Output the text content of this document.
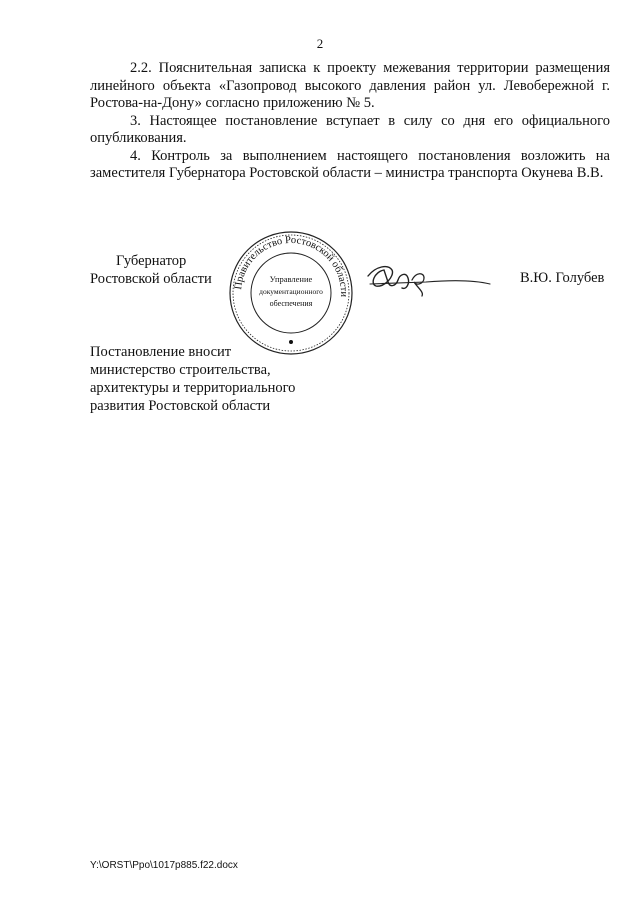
2

2.2. Пояснительная записка к проекту межевания территории размещения линейного объекта «Газопровод высокого давления район ул. Левобережной г. Ростова-на-Дону» согласно приложению № 5.

3. Настоящее постановление вступает в силу со дня его официального опубликования.

4. Контроль за выполнением настоящего постановления возложить на заместителя Губернатора Ростовской области – министра транспорта Окунева В.В.

Губернатор
Ростовской области Правительство Ростовской области
Управление
документационного
обеспечения
В.Ю. Голубев
Постановление вносит
министерство строительства,
архитектуры и территориального
развития Ростовской области
Y:\ORST\Ppo\1017p885.f22.docx
